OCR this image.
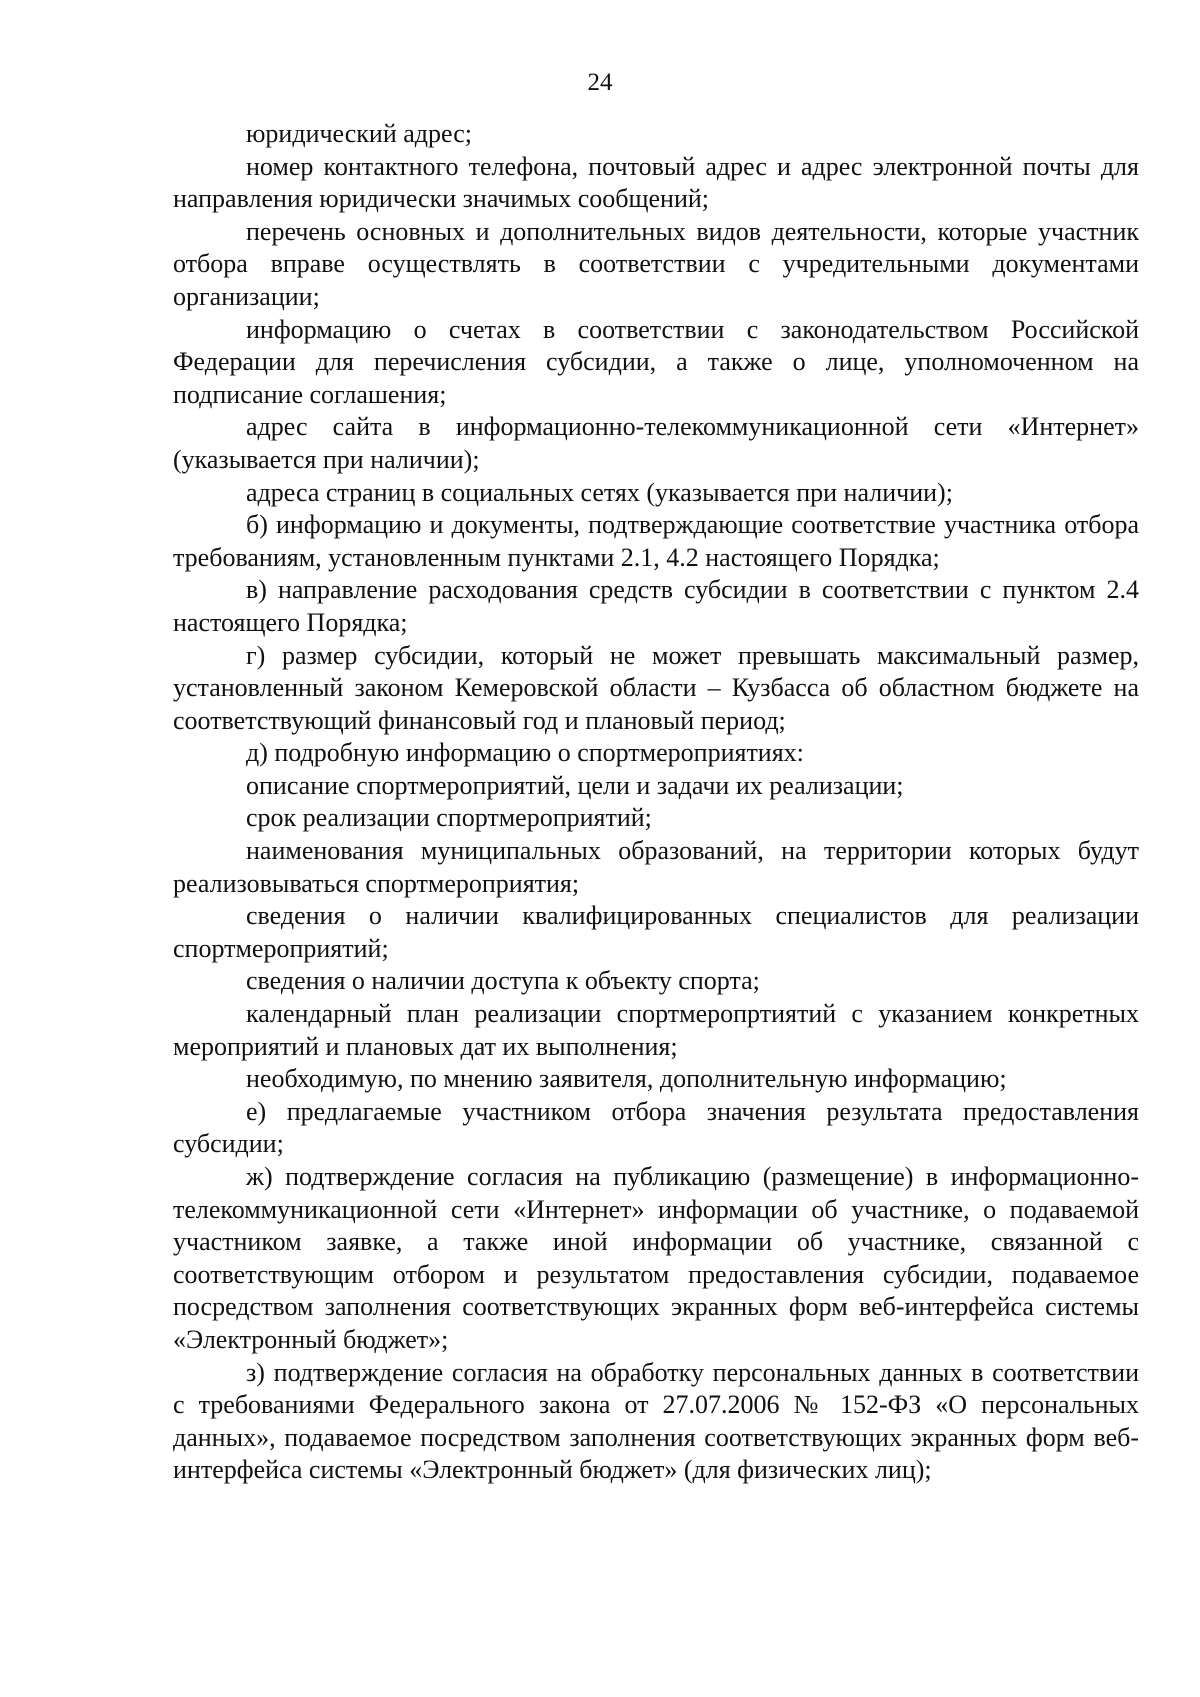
24

юридический адрес;

номер контактного телефона, почтовый адрес и адрес электронной почты для направления юридически значимых сообщений;

перечень основных и дополнительных видов деятельности, которые участник отбора вправе осуществлять в соответствии с учредительными документами организации;

информацию о счетах в соответствии с законодательством Российской Федерации для перечисления субсидии, а также о лице, уполномоченном на подписание соглашения;

адрес сайта в информационно-телекоммуникационной сети «Интернет» (указывается при наличии);

адреса страниц в социальных сетях (указывается при наличии);

б) информацию и документы, подтверждающие соответствие участника отбора требованиям, установленным пунктами 2.1, 4.2 настоящего Порядка;

в) направление расходования средств субсидии в соответствии с пунктом 2.4 настоящего Порядка;

г) размер субсидии, который не может превышать максимальный размер, установленный законом Кемеровской области – Кузбасса об областном бюджете на соответствующий финансовый год и плановый период;

д) подробную информацию о спортмероприятиях:

описание спортмероприятий, цели и задачи их реализации;

срок реализации спортмероприятий;

наименования муниципальных образований, на территории которых будут реализовываться спортмероприятия;

сведения о наличии квалифицированных специалистов для реализации спортмероприятий;

сведения о наличии доступа к объекту спорта;

календарный план реализации спортмеропртиятий с указанием конкретных мероприятий и плановых дат их выполнения;

необходимую, по мнению заявителя, дополнительную информацию;

е) предлагаемые участником отбора значения результата предоставления субсидии;

ж) подтверждение согласия на публикацию (размещение) в информационно-телекоммуникационной сети «Интернет» информации об участнике, о подаваемой участником заявке, а также иной информации об участнике, связанной с соответствующим отбором и результатом предоставления субсидии, подаваемое посредством заполнения соответствующих экранных форм веб-интерфейса системы «Электронный бюджет»;

з) подтверждение согласия на обработку персональных данных в соответствии с требованиями Федерального закона от 27.07.2006 № 152-ФЗ «О персональных данных», подаваемое посредством заполнения соответствующих экранных форм веб-интерфейса системы «Электронный бюджет» (для физических лиц);
